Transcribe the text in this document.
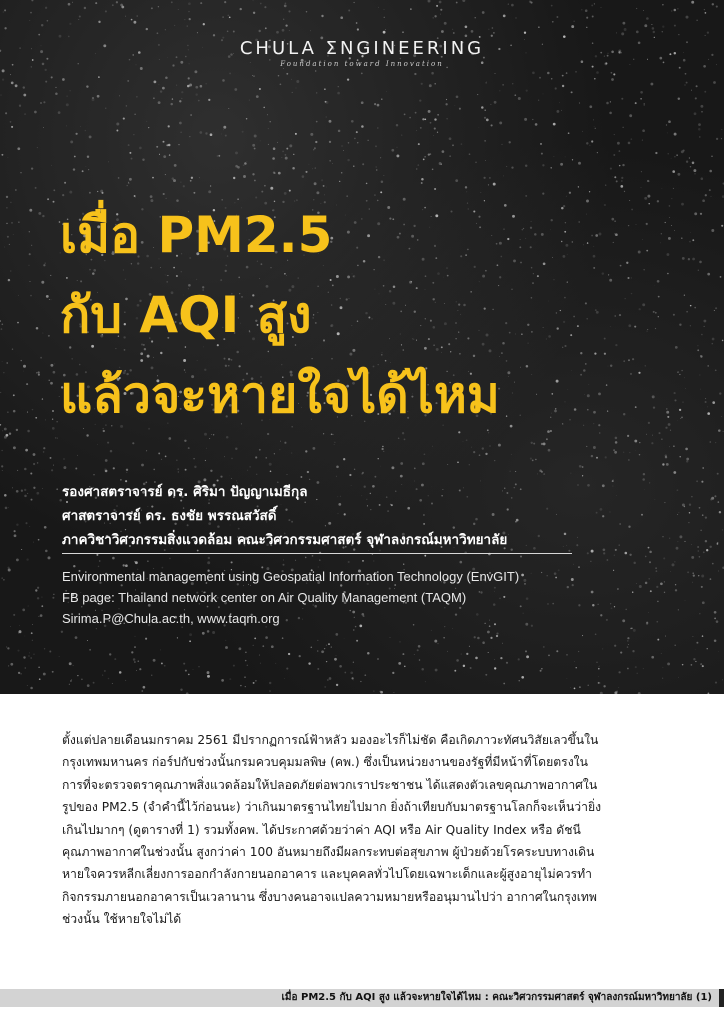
CHULA ΣNGINEERING
Foundation toward Innovation
เมื่อ PM2.5
กับ AQI สูง
แล้วจะหายใจได้ไหม
รองศาสตราจารย์ ดร. ศิริมา ปัญญาเมธีกุล
ศาสตราจารย์ ดร. ธงชัย พรรณสวัสดิ์
ภาควิชาวิศวกรรมสิ่งแวดล้อม คณะวิศวกรรมศาสตร์ จุฬาลงกรณ์มหาวิทยาลัย
Environmental management using Geospatial Information Technology (EnvGIT)
FB page: Thailand network center on Air Quality Management (TAQM)
Sirima.P@Chula.ac.th, www.taqm.org
ตั้งแต่ปลายเดือนมกราคม 2561 มีปรากฏการณ์ฟ้าหลัว มองอะไรก็ไม่ชัด คือเกิดภาวะทัศนวิสัยเลวขึ้นใน
กรุงเทพมหานคร ก่อร์ปกับช่วงนั้นกรมควบคุมมลพิษ (คพ.) ซึ่งเป็นหน่วยงานของรัฐที่มีหน้าที่โดยตรงใน
การที่จะตรวจตราคุณภาพสิ่งแวดล้อมให้ปลอดภัยต่อพวกเราประชาชน ได้แสดงตัวเลขคุณภาพอากาศใน
รูปของ PM2.5 (จำคำนี้ไว้ก่อนนะ) ว่าเกินมาตรฐานไทยไปมาก ยิ่งถ้าเทียบกับมาตรฐานโลกก็จะเห็นว่ายิ่ง
เกินไปมากๆ (ดูตารางที่ 1) รวมทั้งคพ. ได้ประกาศด้วยว่าค่า AQI หรือ Air Quality Index หรือ ดัชนี
คุณภาพอากาศในช่วงนั้น สูงกว่าค่า 100 อันหมายถึงมีผลกระทบต่อสุขภาพ ผู้ป่วยด้วยโรคระบบทางเดิน
หายใจควรหลีกเลี่ยงการออกกำลังกายนอกอาคาร และบุคคลทั่วไปโดยเฉพาะเด็กและผู้สูงอายุไม่ควรทำ
กิจกรรมภายนอกอาคารเป็นเวลานาน ซึ่งบางคนอาจแปลความหมายหรืออนุมานไปว่า อากาศในกรุงเทพ
ช่วงนั้น ใช้หายใจไม่ได้
เมื่อ PM2.5 กับ AQI สูง แล้วจะหายใจได้ไหม : คณะวิศวกรรมศาสตร์ จุฬาลงกรณ์มหาวิทยาลัย (1)
